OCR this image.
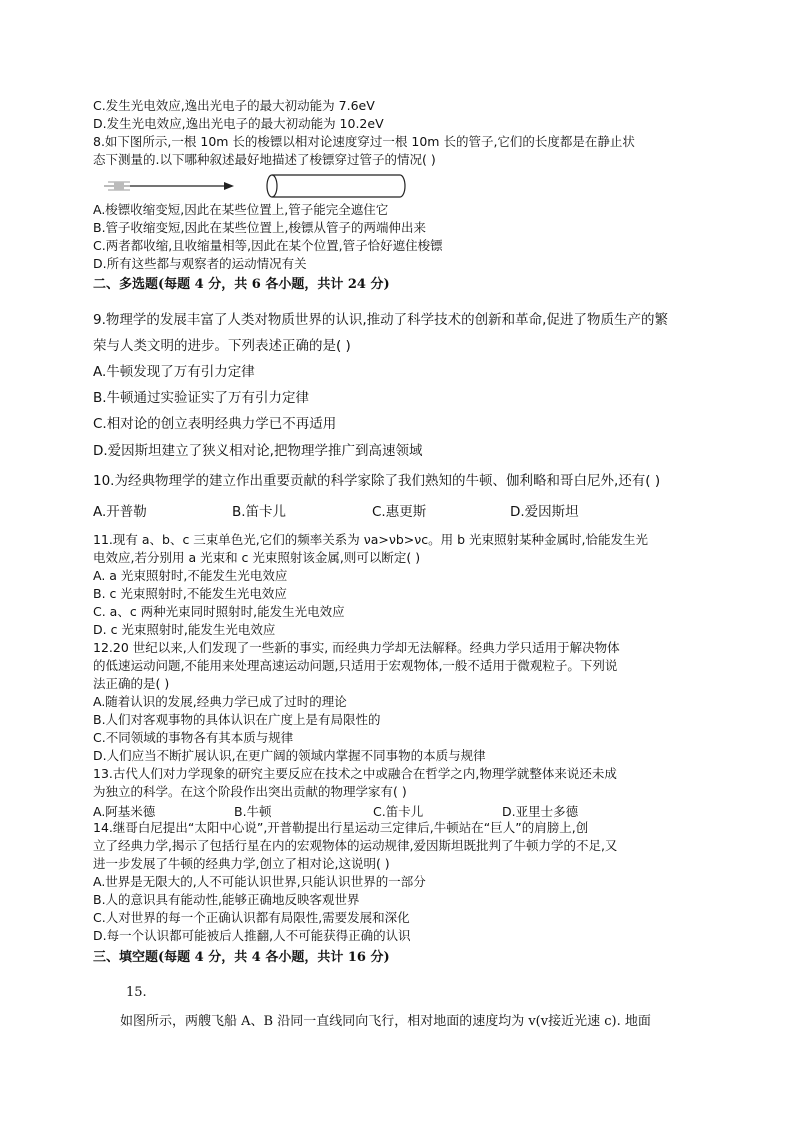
C.发生光电效应,逸出光电子的最大初动能为 7.6eV
D.发生光电效应,逸出光电子的最大初动能为 10.2eV
8.如下图所示,一根 10m 长的梭镖以相对论速度穿过一根 10m 长的管子,它们的长度都是在静止状
态下测量的.以下哪种叙述最好地描述了梭镖穿过管子的情况( )
A.梭镖收缩变短,因此在某些位置上,管子能完全遮住它
B.管子收缩变短,因此在某些位置上,梭镖从管子的两端伸出来
C.两者都收缩,且收缩量相等,因此在某个位置,管子恰好遮住梭镖
D.所有这些都与观察者的运动情况有关
二、多选题(每题 4 分，共 6 各小题，共计 24 分)
9.物理学的发展丰富了人类对物质世界的认识,推动了科学技术的创新和革命,促进了物质生产的繁
荣与人类文明的进步。下列表述正确的是( )
A.牛顿发现了万有引力定律
B.牛顿通过实验证实了万有引力定律
C.相对论的创立表明经典力学已不再适用
D.爱因斯坦建立了狭义相对论,把物理学推广到高速领域
10.为经典物理学的建立作出重要贡献的科学家除了我们熟知的牛顿、伽利略和哥白尼外,还有( )
A.开普勒	B.笛卡儿	C.惠更斯	D.爱因斯坦
11.现有 a、b、c 三束单色光,它们的频率关系为 νa>νb>νc。用 b 光束照射某种金属时,恰能发生光
电效应,若分别用 a 光束和 c 光束照射该金属,则可以断定( )
A. a 光束照射时,不能发生光电效应
B. c 光束照射时,不能发生光电效应
C. a、c 两种光束同时照射时,能发生光电效应
D. c 光束照射时,能发生光电效应
12.20 世纪以来,人们发现了一些新的事实, 而经典力学却无法解释。经典力学只适用于解决物体
的低速运动问题,不能用来处理高速运动问题,只适用于宏观物体,一般不适用于微观粒子。下列说
法正确的是( )
A.随着认识的发展,经典力学已成了过时的理论
B.人们对客观事物的具体认识在广度上是有局限性的
C.不同领域的事物各有其本质与规律
D.人们应当不断扩展认识,在更广阔的领域内掌握不同事物的本质与规律
13.古代人们对力学现象的研究主要反应在技术之中或融合在哲学之内,物理学就整体来说还未成
为独立的科学。在这个阶段作出突出贡献的物理学家有( )
A.阿基米德	B.牛顿	C.笛卡儿	D.亚里士多德
14.继哥白尼提出“太阳中心说”,开普勒提出行星运动三定律后,牛顿站在“巨人”的肩膀上,创
立了经典力学,揭示了包括行星在内的宏观物体的运动规律,爱因斯坦既批判了牛顿力学的不足,又
进一步发展了牛顿的经典力学,创立了相对论,这说明( )
A.世界是无限大的,人不可能认识世界,只能认识世界的一部分
B.人的意识具有能动性,能够正确地反映客观世界
C.人对世界的每一个正确认识都有局限性,需要发展和深化
D.每一个认识都可能被后人推翻,人不可能获得正确的认识
三、填空题(每题 4 分，共 4 各小题，共计 16 分)
15.
如图所示，两艘飞船 A、B 沿同一直线同向飞行，相对地面的速度均为 v(v接近光速 c). 地面
